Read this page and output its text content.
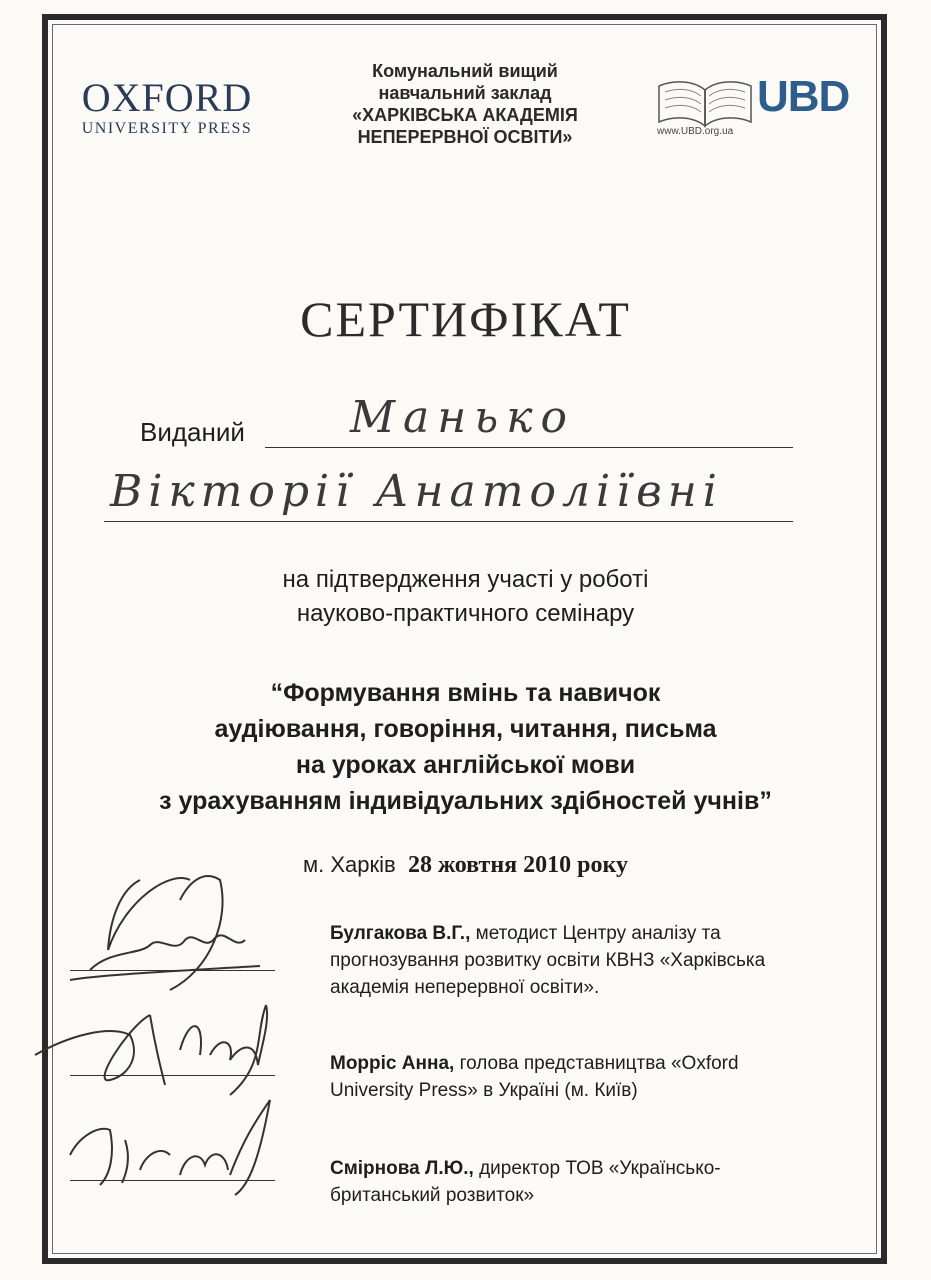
OXFORD
UNIVERSITY PRESS
Комунальний вищий
навчальний заклад
«ХАРКІВСЬКА АКАДЕМІЯ
НЕПЕРЕРВНОЇ ОСВІТИ»
UBD
www.UBD.org.ua
СЕРТИФІКАТ
Виданий Манько
Вікторії Анатоліївні
на підтвердження участі у роботі
науково-практичного семінару
“Формування вмінь та навичок
аудіювання, говоріння, читання, письма
на уроках англійської мови
з урахуванням індивідуальних здібностей учнів”
м. Харків 28 жовтня 2010 року
Булгакова В.Г., методист Центру аналізу та прогнозування розвитку освіти КВНЗ «Харківська академія неперервної освіти».
Морріс Анна, голова представництва «Oxford University Press» в Україні (м. Київ)
Смірнова Л.Ю., директор ТОВ «Українсько-британський розвиток»
